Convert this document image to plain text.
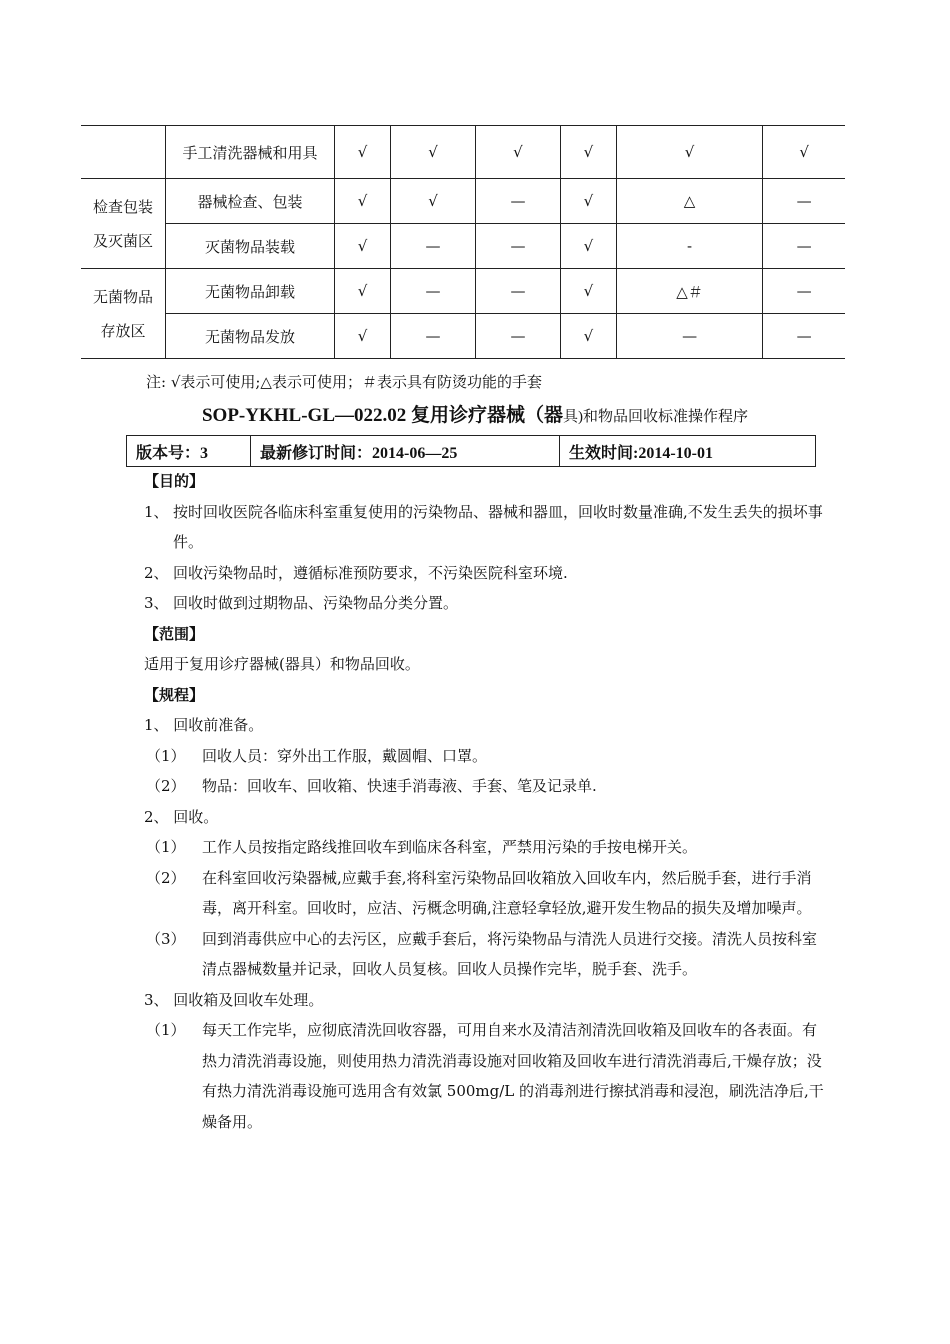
	手工清洗器械和用具	√	√	√	√	√	√

检查包装
及灭菌区	器械检查、包装	√	√	—	√	△	—
	灭菌物品装载	√	—	—	√	-	—

无菌物品
存放区	无菌物品卸载	√	—	—	√	△＃	—
	无菌物品发放	√	—	—	√	—	—
注: √表示可使用;△表示可使用；＃表示具有防烫功能的手套
SOP-YKHL-GL—022.02 复用诊疗器械（器具)和物品回收标准操作程序
版本号：3	最新修订时间：2014-06—25	生效时间:2014-10-01

【目的】

1、 按时回收医院各临床科室重复使用的污染物品、器械和器皿，回收时数量准确,不发生丢失的损坏事件。

2、 回收污染物品时，遵循标准预防要求，不污染医院科室环境.

3、 回收时做到过期物品、污染物品分类分置。

【范围】

适用于复用诊疗器械(器具）和物品回收。

【规程】

1、 回收前准备。

（1）	回收人员：穿外出工作服，戴圆帽、口罩。

（2）	物品：回收车、回收箱、快速手消毒液、手套、笔及记录单.

2、 回收。

（1）	工作人员按指定路线推回收车到临床各科室，严禁用污染的手按电梯开关。

（2）	在科室回收污染器械,应戴手套,将科室污染物品回收箱放入回收车内，然后脱手套，进行手消毒，离开科室。回收时，应洁、污概念明确,注意轻拿轻放,避开发生物品的损失及增加噪声。

（3）	回到消毒供应中心的去污区，应戴手套后，将污染物品与清洗人员进行交接。清洗人员按科室清点器械数量并记录，回收人员复核。回收人员操作完毕，脱手套、洗手。

3、 回收箱及回收车处理。

（1）	每天工作完毕，应彻底清洗回收容器，可用自来水及清洁剂清洗回收箱及回收车的各表面。有热力清洗消毒设施，则使用热力清洗消毒设施对回收箱及回收车进行清洗消毒后,干燥存放；没有热力清洗消毒设施可选用含有效氯 500mg/L 的消毒剂进行擦拭消毒和浸泡，刷洗洁净后,干燥备用。
